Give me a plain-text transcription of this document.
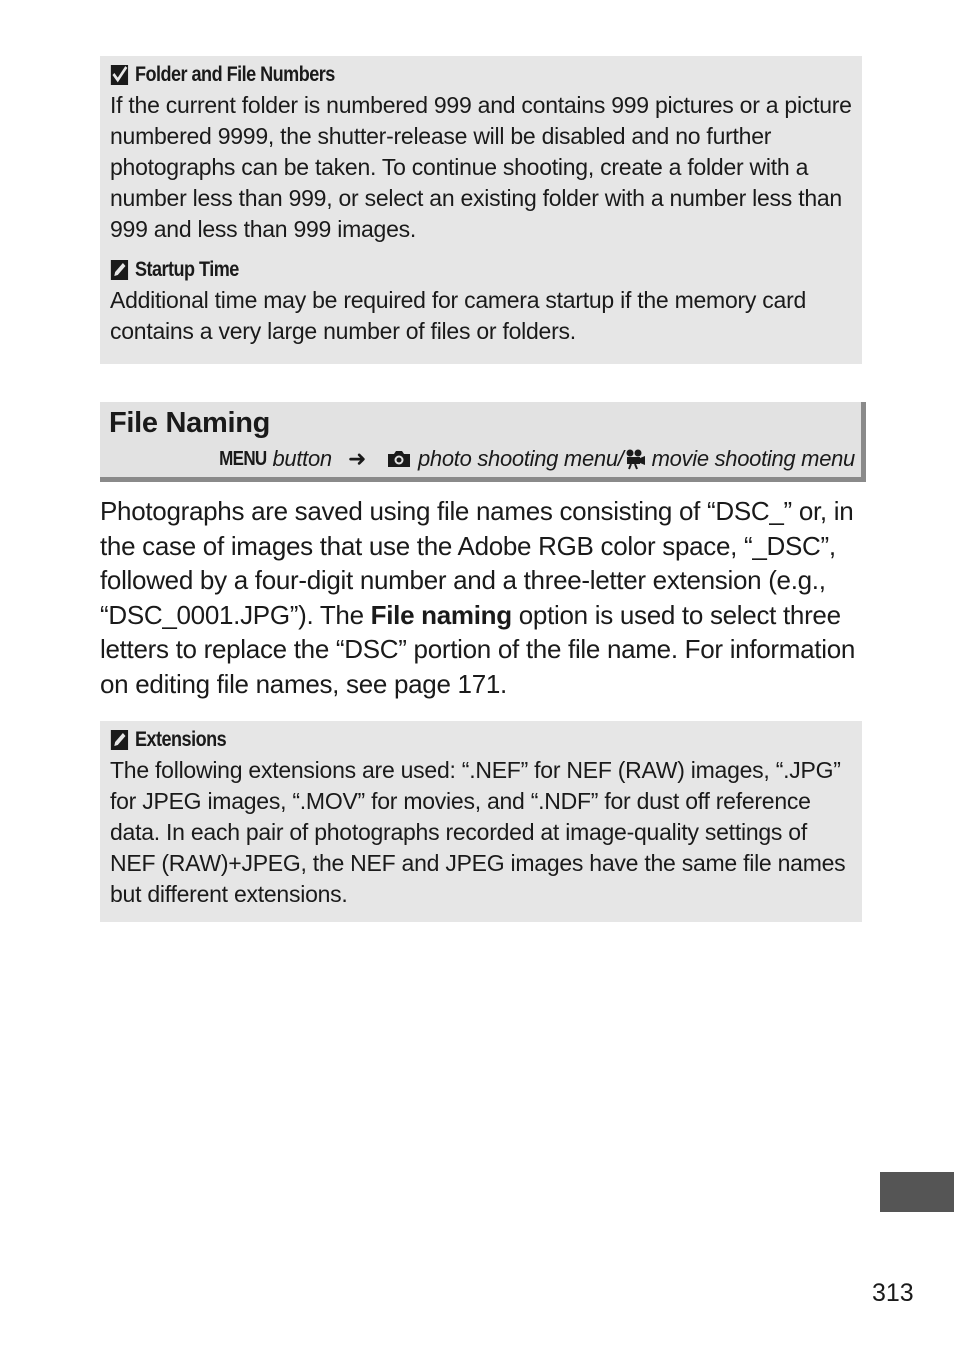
Folder and File Numbers
If the current folder is numbered 999 and contains 999 pictures or a picture numbered 9999, the shutter-release will be disabled and no further photographs can be taken. To continue shooting, create a folder with a number less than 999, or select an existing folder with a number less than 999 and less than 999 images.
Startup Time
Additional time may be required for camera startup if the memory card contains a very large number of files or folders.
File Naming
MENU button ➜ photo shooting menu/ movie shooting menu
Photographs are saved using file names consisting of “DSC_” or, in the case of images that use the Adobe RGB color space, “_DSC”, followed by a four-digit number and a three-letter extension (e.g., “DSC_0001.JPG”). The File naming option is used to select three letters to replace the “DSC” portion of the file name. For information on editing file names, see page 171.
Extensions
The following extensions are used: “.NEF” for NEF (RAW) images, “.JPG” for JPEG images, “.MOV” for movies, and “.NDF” for dust off reference data. In each pair of photographs recorded at image-quality settings of NEF (RAW)+JPEG, the NEF and JPEG images have the same file names but different extensions.
313
